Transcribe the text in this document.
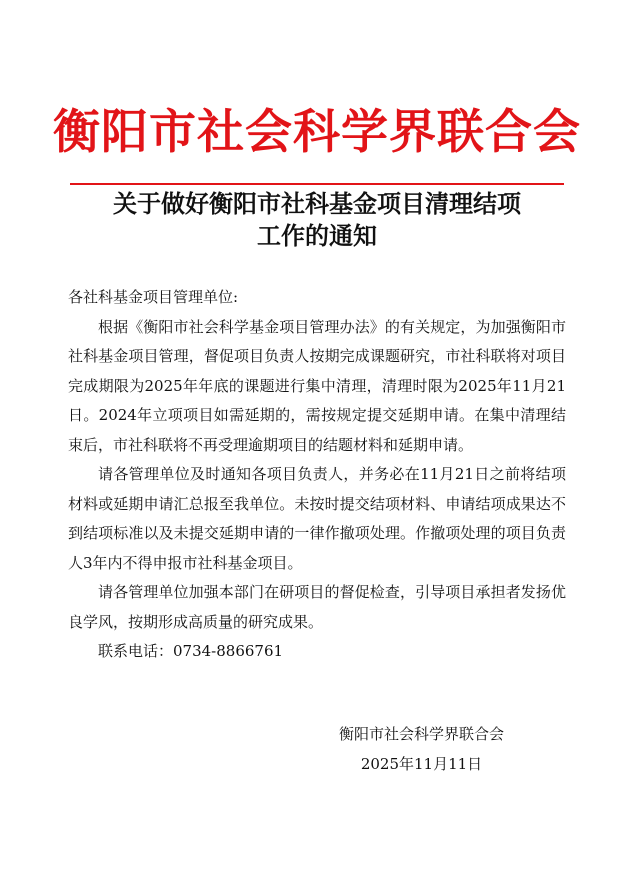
衡阳市社会科学界联合会
关于做好衡阳市社科基金项目清理结项
工作的通知

各社科基金项目管理单位:

根据《衡阳市社会科学基金项目管理办法》的有关规定，为加强衡阳市社科基金项目管理，督促项目负责人按期完成课题研究，市社科联将对项目完成期限为2025年年底的课题进行集中清理，清理时限为2025年11月21日。2024年立项项目如需延期的，需按规定提交延期申请。在集中清理结束后，市社科联将不再受理逾期项目的结题材料和延期申请。

请各管理单位及时通知各项目负责人，并务必在11月21日之前将结项材料或延期申请汇总报至我单位。未按时提交结项材料、申请结项成果达不到结项标准以及未提交延期申请的一律作撤项处理。作撤项处理的项目负责人3年内不得申报市社科基金项目。

请各管理单位加强本部门在研项目的督促检查，引导项目承担者发扬优良学风，按期形成高质量的研究成果。

联系电话：0734-8866761

衡阳市社会科学界联合会
2025年11月11日
